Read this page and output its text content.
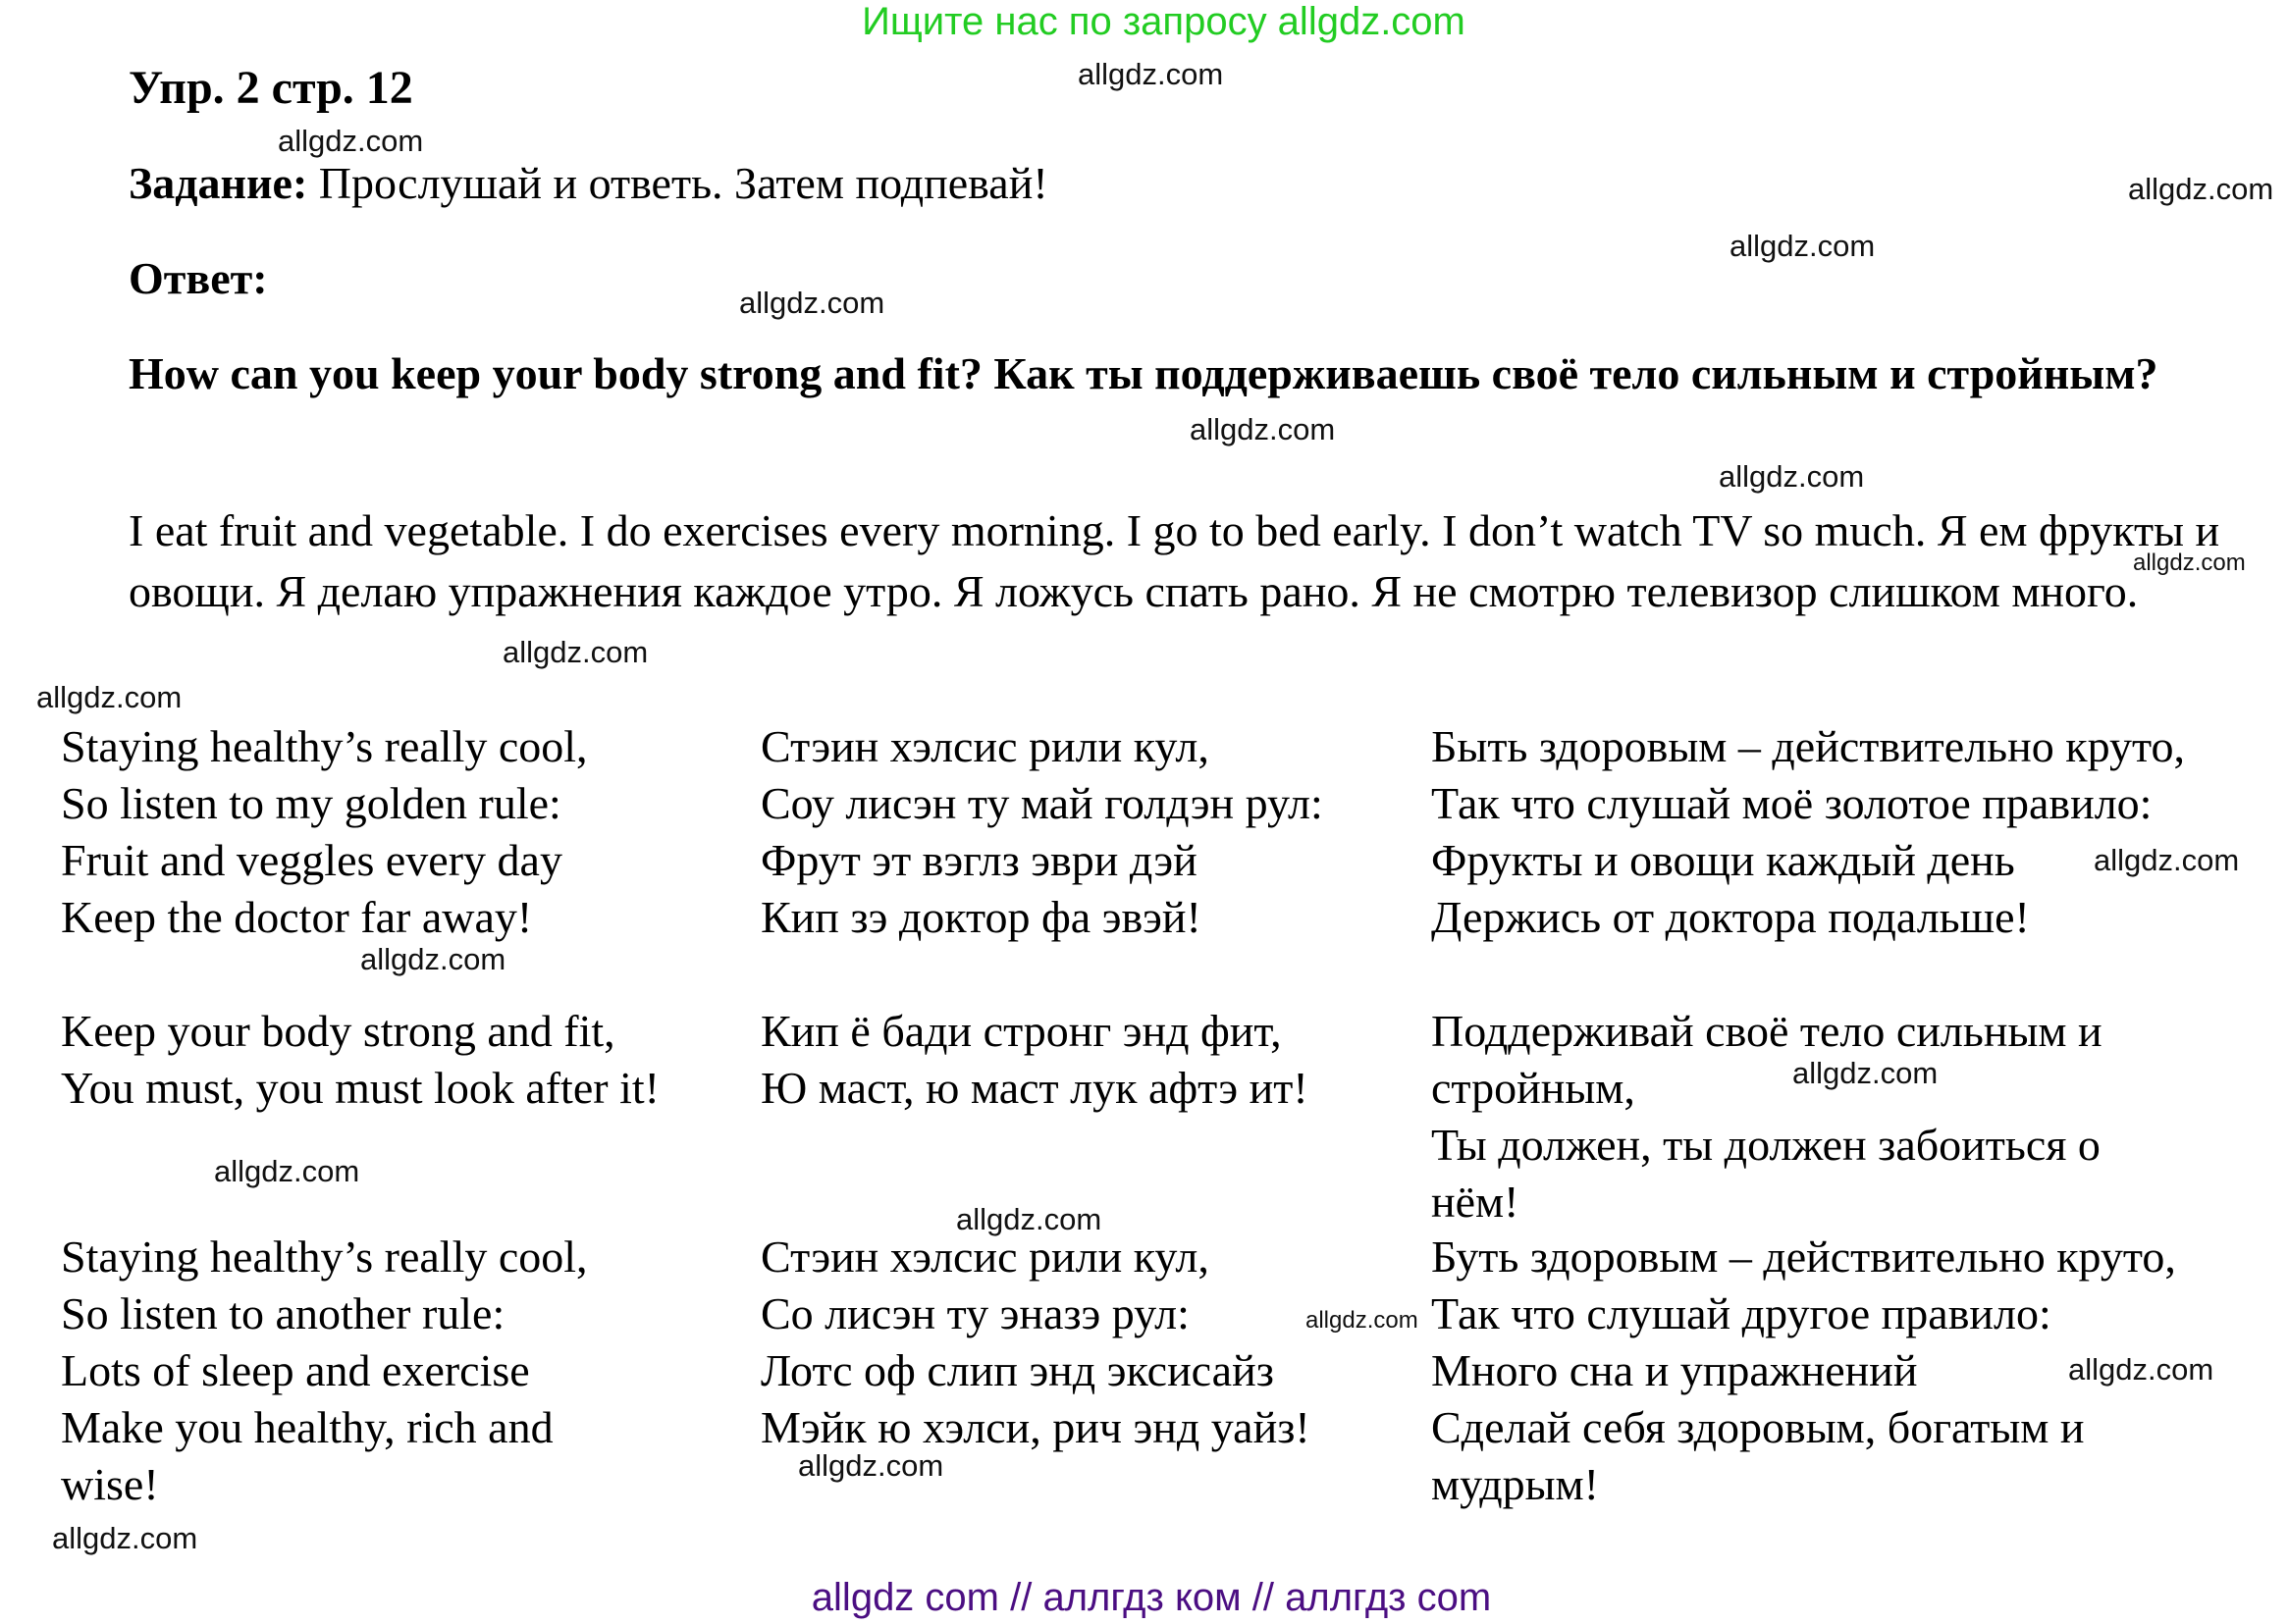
Ищите нас по запросу allgdz.com
allgdz.com
allgdz.com
allgdz.com
allgdz.com
allgdz.com
allgdz.com
allgdz.com
allgdz.com
allgdz.com
allgdz.com
allgdz.com
allgdz.com
allgdz.com
allgdz.com
allgdz.com
allgdz.com
allgdz.com
allgdz.com
allgdz.com
Упр. 2 стр. 12
Задание: Прослушай и ответь. Затем подпевай!
Ответ:
How can you keep your body strong and fit? Как ты поддерживаешь своё тело сильным и стройным?
I eat fruit and vegetable. I do exercises every morning. I go to bed early. I don’t watch TV so much. Я ем фрукты и овощи. Я делаю упражнения каждое утро. Я ложусь спать рано. Я не смотрю телевизор слишком много.
Staying healthy’s really cool,
So listen to my golden rule:
Fruit and veggles every day
Keep the doctor far away!
Стэин хэлсис рили кул,
Соу лисэн ту май голдэн рул:
Фрут эт вэглз эври дэй
Кип зэ доктор фа эвэй!
Быть здоровым – действительно круто,
Так что слушай моё золотое правило:
Фрукты и овощи каждый день
Держись от доктора подальше!
Keep your body strong and fit,
You must, you must look after it!
Кип ё бади стронг энд фит,
Ю маст, ю маст лук афтэ ит!
Поддерживай своё тело сильным и стройным,
Ты должен, ты должен забоиться о нём!
Staying healthy’s really cool,
So listen to another rule:
Lots of sleep and exercise
Make you healthy, rich and wise!
Стэин хэлсис рили кул,
Со лисэн ту эназэ рул:
Лотс оф слип энд эксисайз
Мэйк ю хэлси, рич энд уайз!
Буть здоровым – действительно круто,
Так что слушай другое правило:
Много сна и упражнений
Сделай себя здоровым, богатым и мудрым!
allgdz com // аллгдз ком // аллгдз com
